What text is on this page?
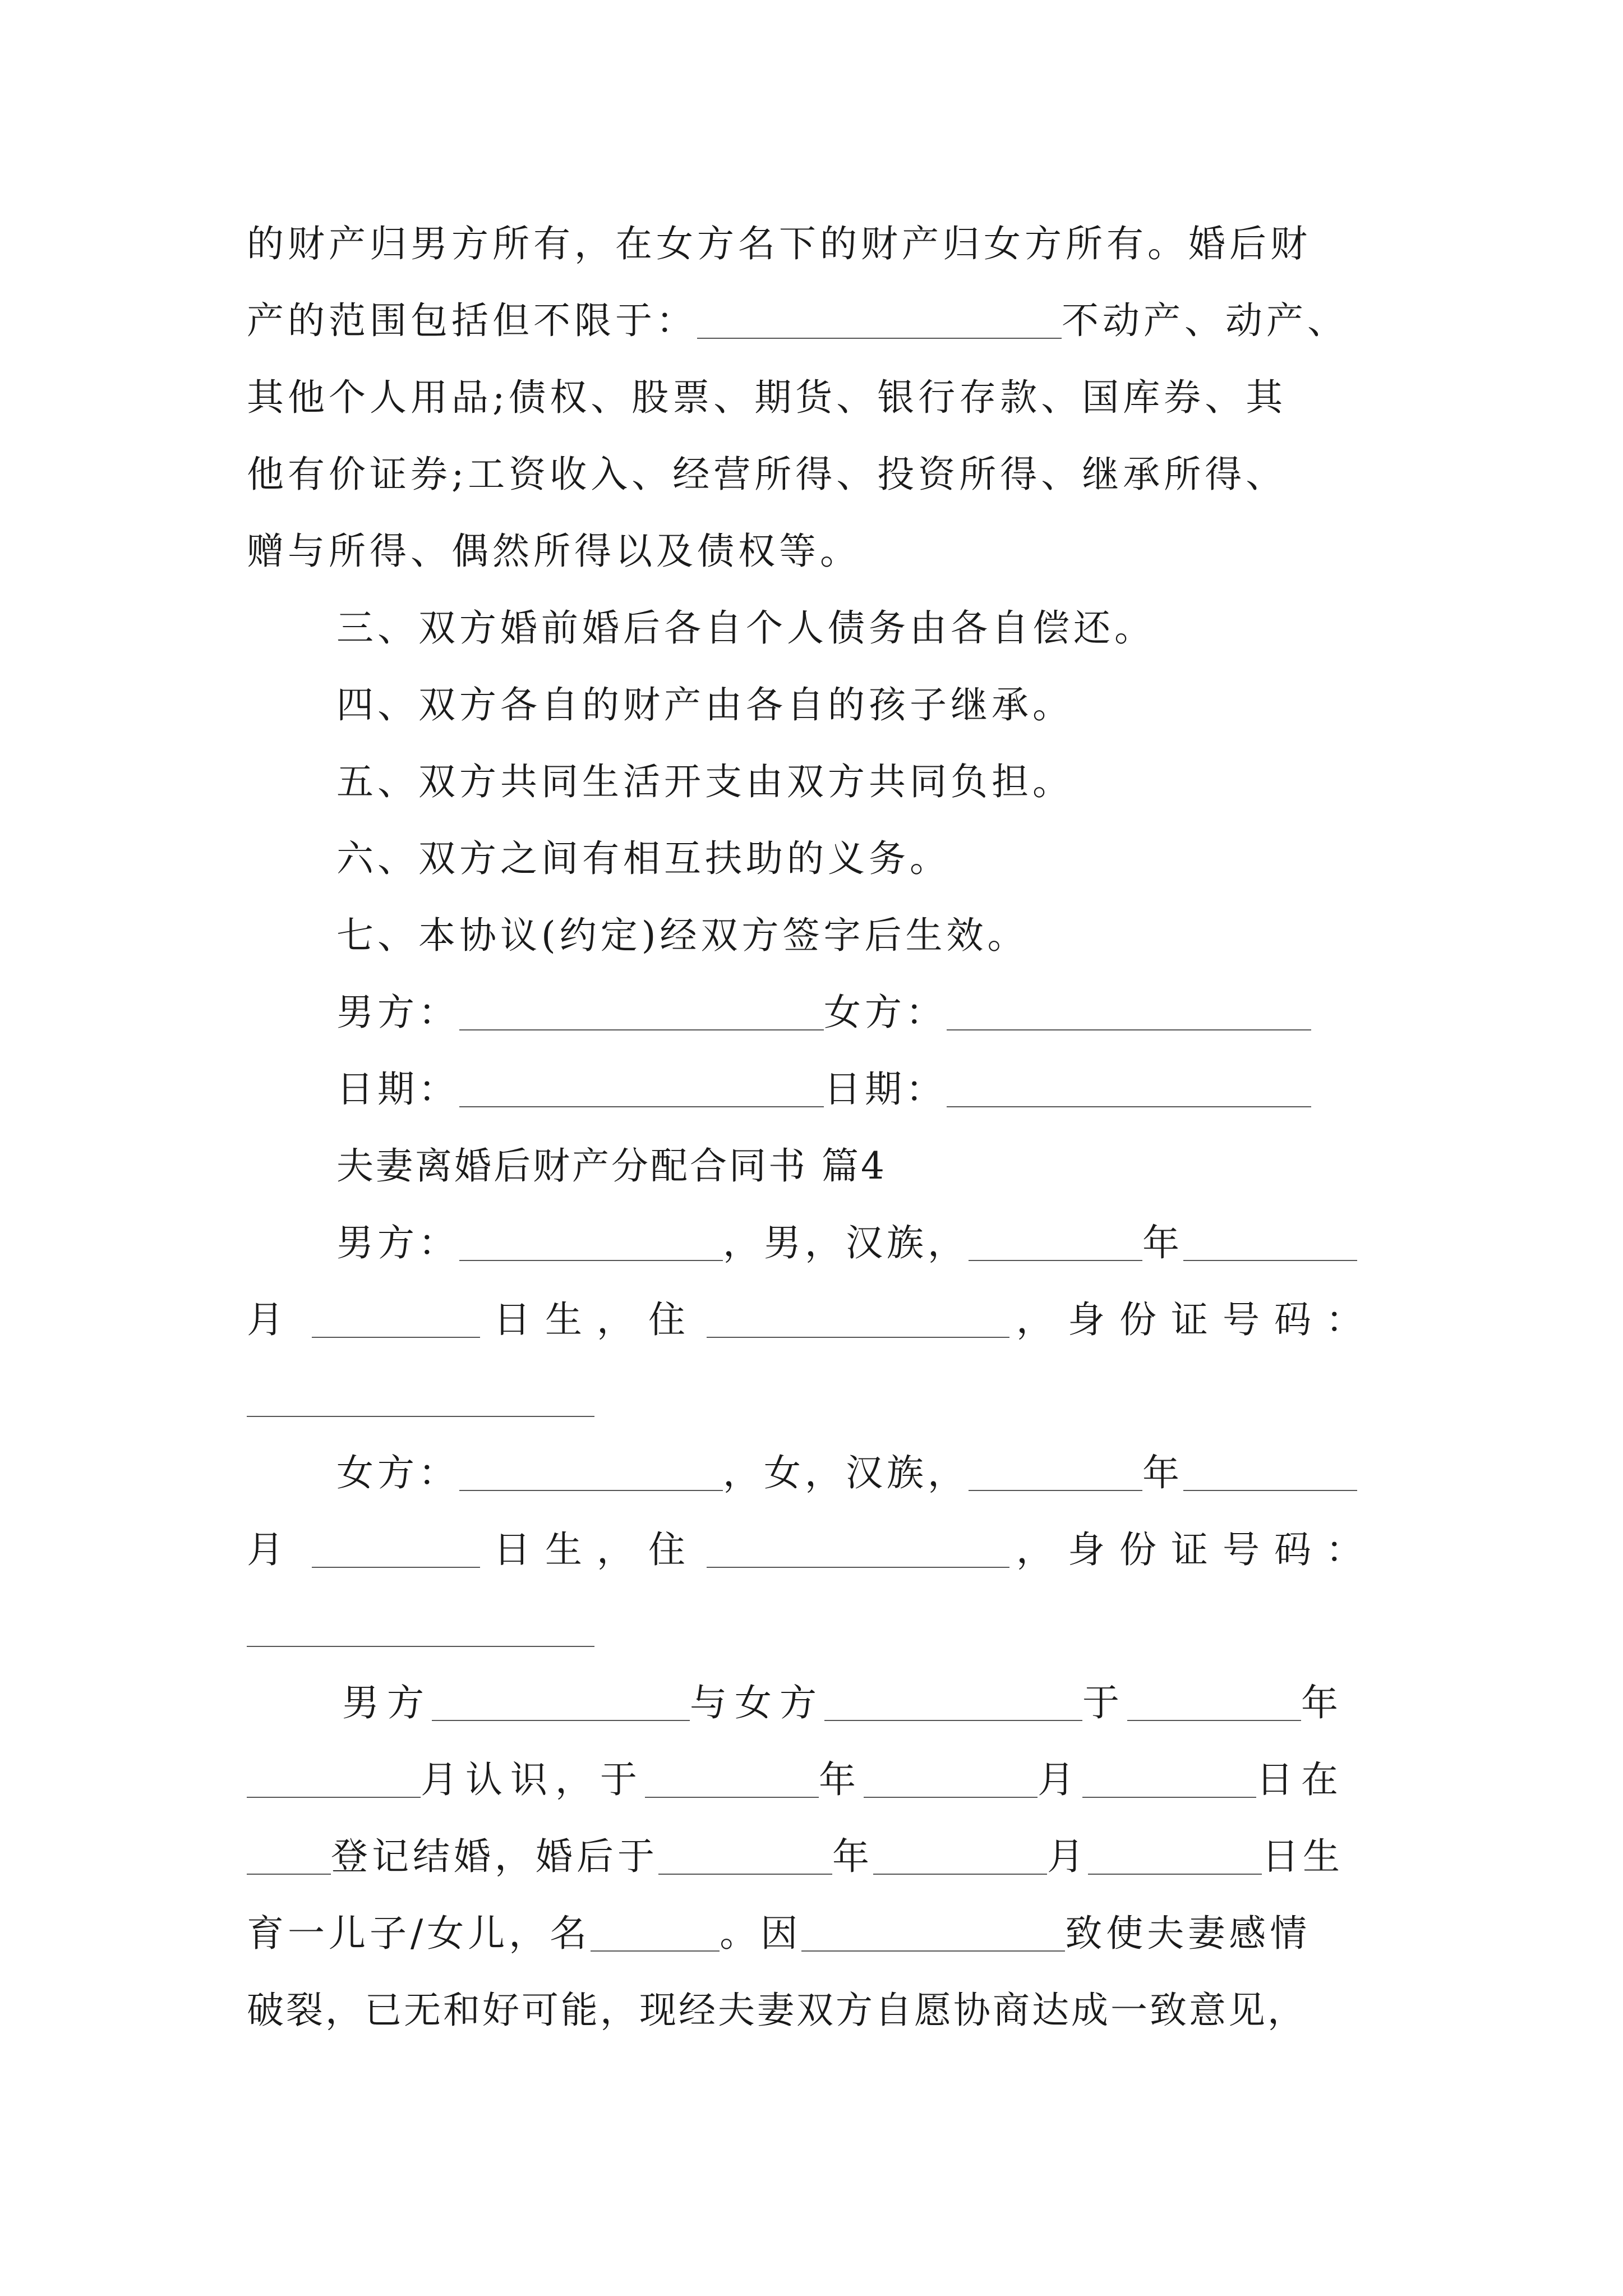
的财产归男方所有，在女方名下的财产归女方所有。婚后财

产的范围包括但不限于：	不动产、动产、

其他个人用品;债权、股票、期货、银行存款、国库券、其

他有价证券;工资收入、经营所得、投资所得、继承所得、

赠与所得、偶然所得以及债权等。

三、双方婚前婚后各自个人债务由各自偿还。

四、双方各自的财产由各自的孩子继承。

五、双方共同生活开支由双方共同负担。

六、双方之间有相互扶助的义务。

七、本协议(约定)经双方签字后生效。

男方：	女方：

日期：	日期：

夫妻离婚后财产分配合同书 篇4

男方：	，男，汉族，	年

月	日生，住	，身份证号码：

女方：	，女，汉族，	年

月	日生，住	，身份证号码：

男方	与女方	于	年

月认识，于	年	月	日在

登记结婚，婚后于	年	月	日生

育一儿子/女儿，名	。因	致使夫妻感情

破裂，已无和好可能，现经夫妻双方自愿协商达成一致意见，
